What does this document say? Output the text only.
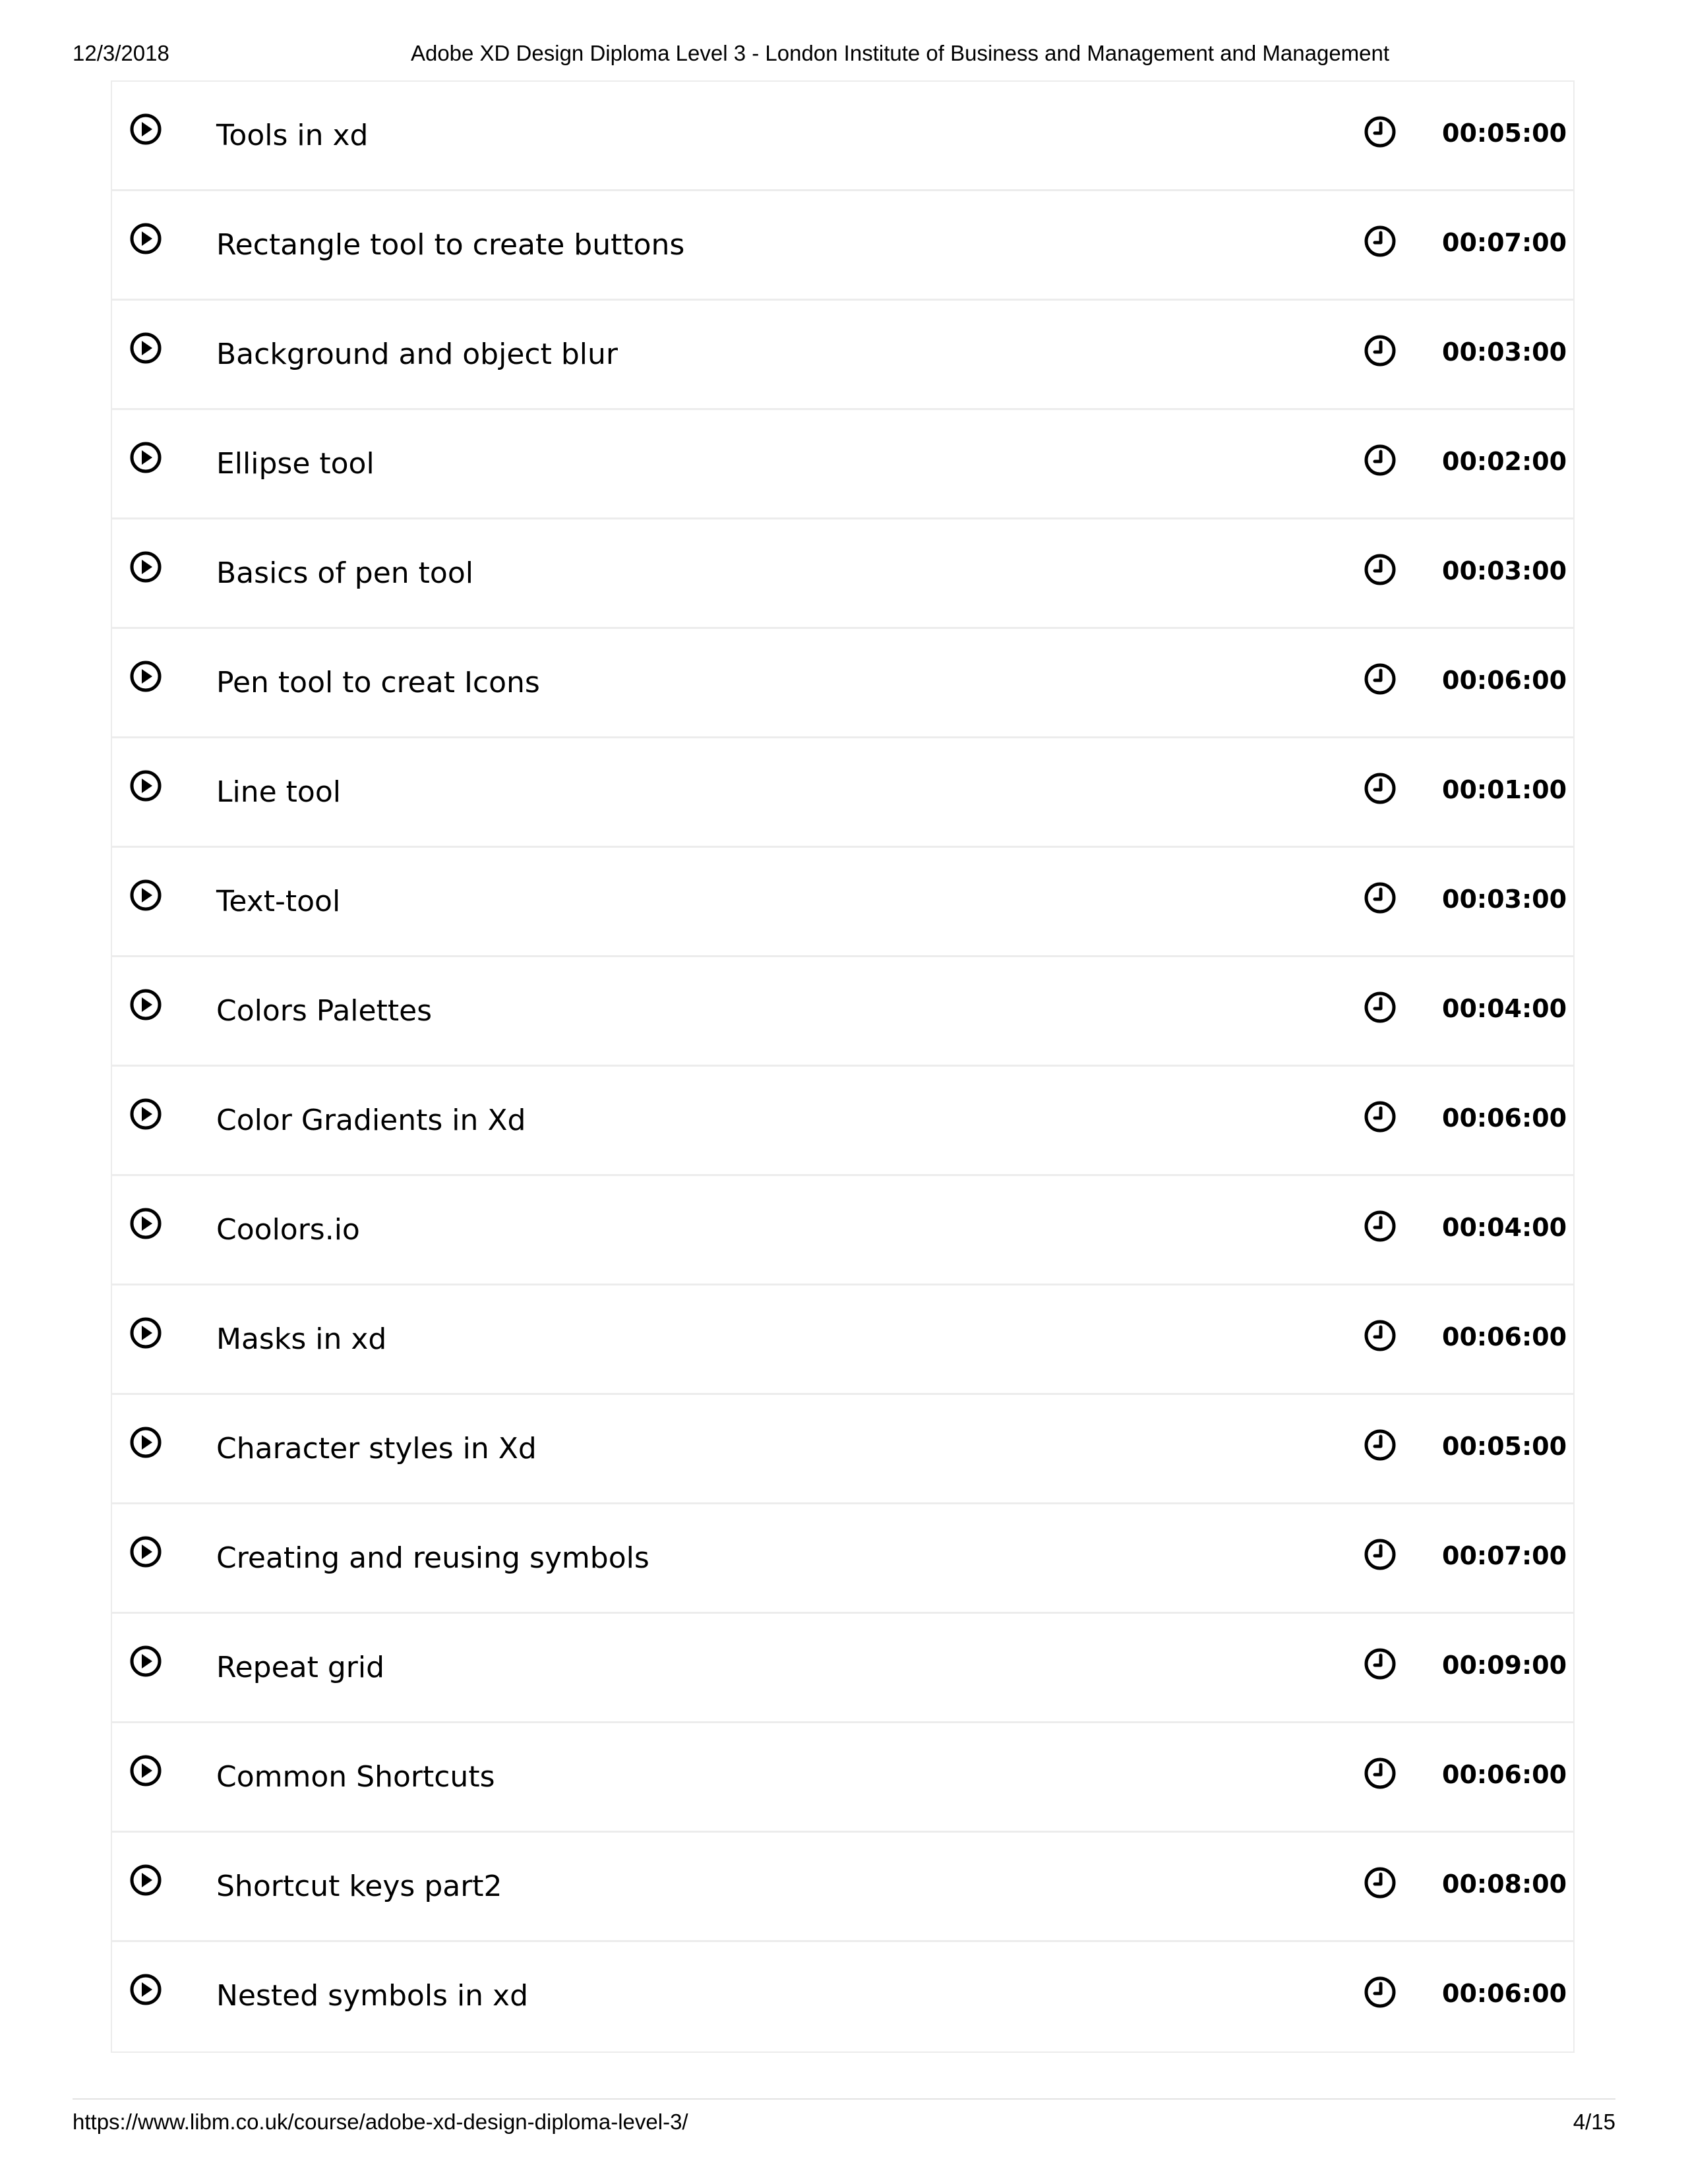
12/3/2018	Adobe XD Design Diploma Level 3 - London Institute of Business and Management and Management
Tools in xd	00:05:00
Rectangle tool to create buttons	00:07:00
Background and object blur	00:03:00
Ellipse tool	00:02:00
Basics of pen tool	00:03:00
Pen tool to creat Icons	00:06:00
Line tool	00:01:00
Text-tool	00:03:00
Colors Palettes	00:04:00
Color Gradients in Xd	00:06:00
Coolors.io	00:04:00
Masks in xd	00:06:00
Character styles in Xd	00:05:00
Creating and reusing symbols	00:07:00
Repeat grid	00:09:00
Common Shortcuts	00:06:00
Shortcut keys part2	00:08:00
Nested symbols in xd	00:06:00
https://www.libm.co.uk/course/adobe-xd-design-diploma-level-3/	4/15
